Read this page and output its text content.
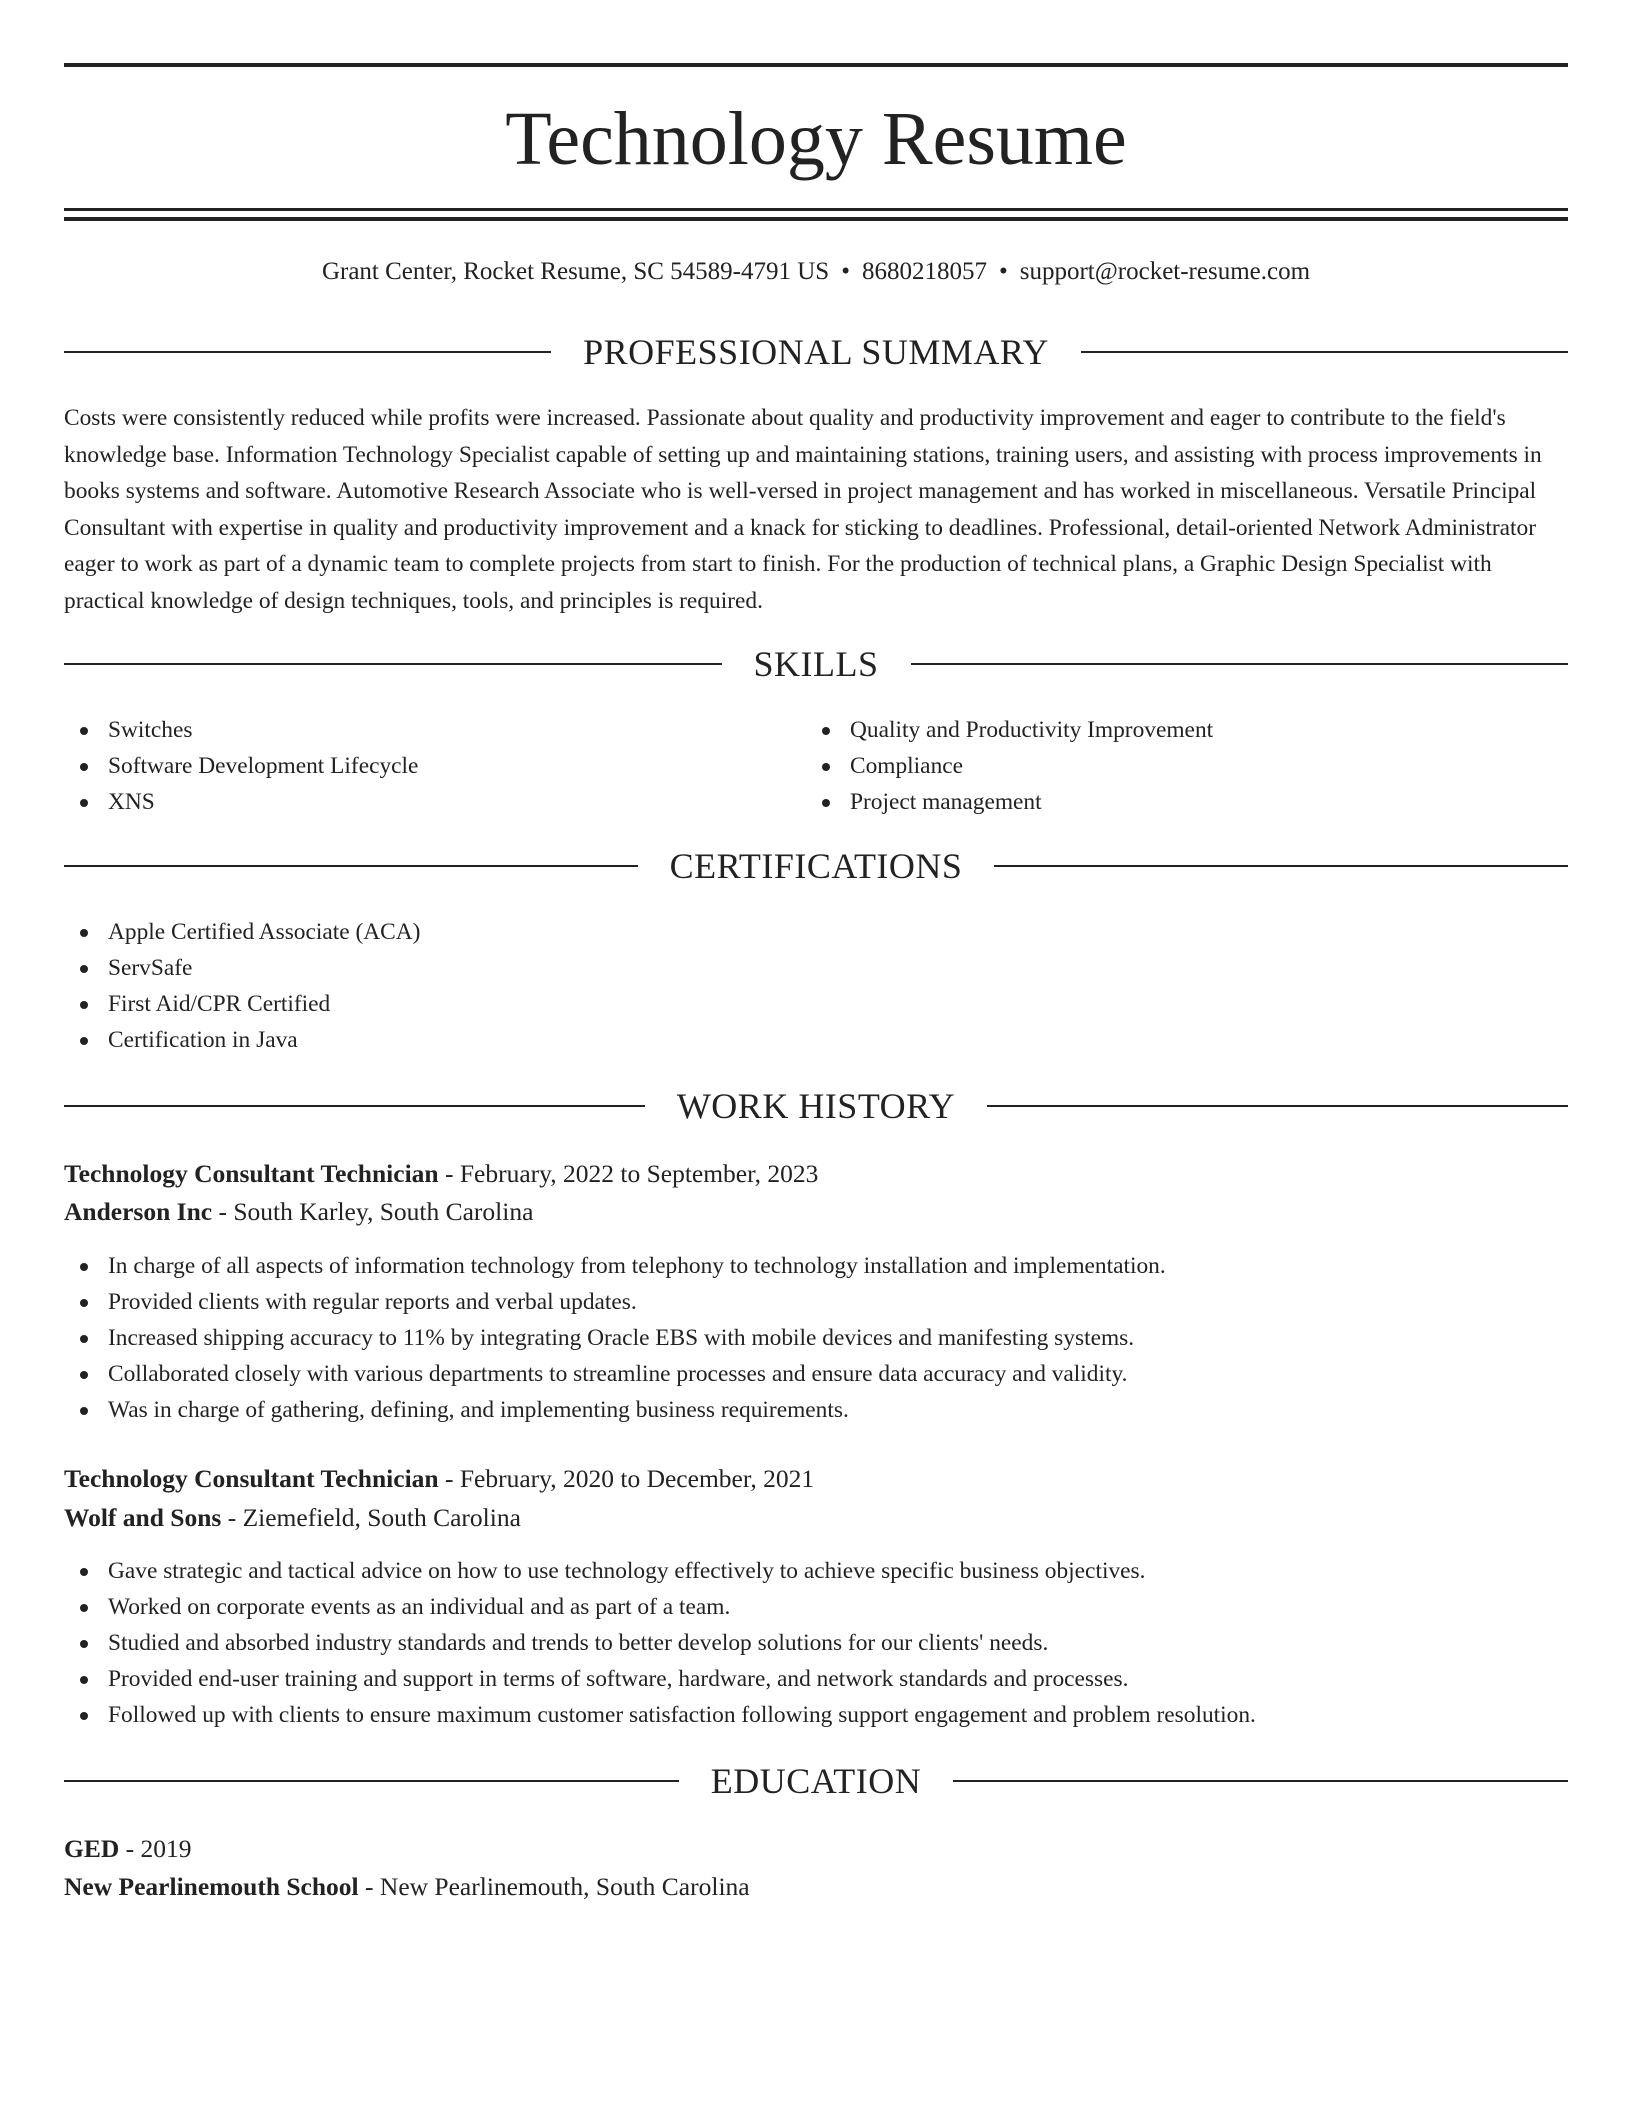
Technology Resume
Grant Center, Rocket Resume, SC 54589-4791 US • 8680218057 • support@rocket-resume.com
PROFESSIONAL SUMMARY

Costs were consistently reduced while profits were increased. Passionate about quality and productivity improvement and eager to contribute to the field's knowledge base. Information Technology Specialist capable of setting up and maintaining stations, training users, and assisting with process improvements in books systems and software. Automotive Research Associate who is well-versed in project management and has worked in miscellaneous. Versatile Principal Consultant with expertise in quality and productivity improvement and a knack for sticking to deadlines. Professional, detail-oriented Network Administrator eager to work as part of a dynamic team to complete projects from start to finish. For the production of technical plans, a Graphic Design Specialist with practical knowledge of design techniques, tools, and principles is required.

SKILLS
Switches
Software Development Lifecycle
XNS
Quality and Productivity Improvement
Compliance
Project management
CERTIFICATIONS
Apple Certified Associate (ACA)
ServSafe
First Aid/CPR Certified
Certification in Java
WORK HISTORY
Technology Consultant Technician - February, 2022 to September, 2023
Anderson Inc - South Karley, South Carolina
In charge of all aspects of information technology from telephony to technology installation and implementation.
Provided clients with regular reports and verbal updates.
Increased shipping accuracy to 11% by integrating Oracle EBS with mobile devices and manifesting systems.
Collaborated closely with various departments to streamline processes and ensure data accuracy and validity.
Was in charge of gathering, defining, and implementing business requirements.
Technology Consultant Technician - February, 2020 to December, 2021
Wolf and Sons - Ziemefield, South Carolina
Gave strategic and tactical advice on how to use technology effectively to achieve specific business objectives.
Worked on corporate events as an individual and as part of a team.
Studied and absorbed industry standards and trends to better develop solutions for our clients' needs.
Provided end-user training and support in terms of software, hardware, and network standards and processes.
Followed up with clients to ensure maximum customer satisfaction following support engagement and problem resolution.
EDUCATION
GED - 2019
New Pearlinemouth School - New Pearlinemouth, South Carolina
